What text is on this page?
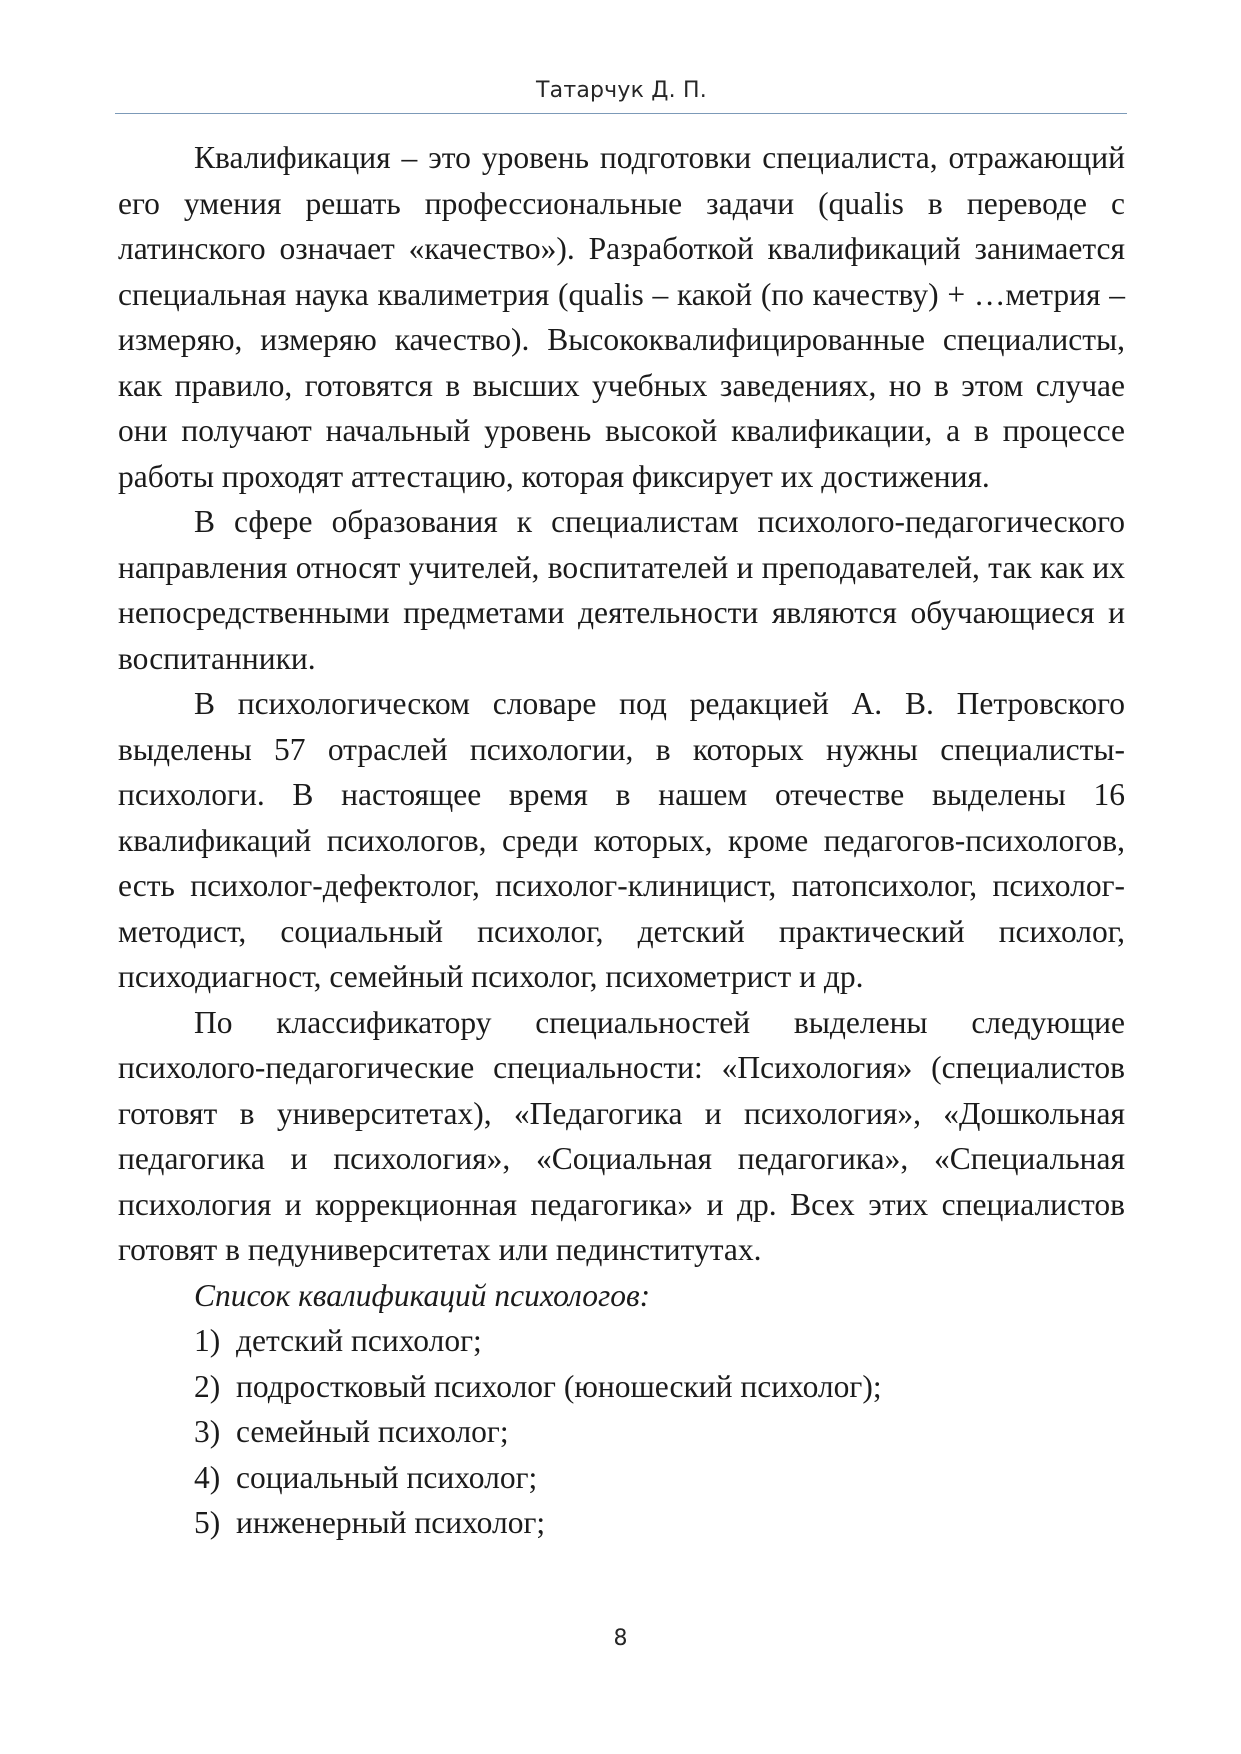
Татарчук Д. П.

Квалификация – это уровень подготовки специалиста, отражающий его умения решать профессиональные задачи (qualis в переводе с латинского означает «качество»). Разработкой квалификаций занимается специальная наука квалиметрия (qualis – какой (по качеству) + …метрия – измеряю, измеряю качество). Высококвалифицированные специалисты, как правило, готовятся в высших учебных заведениях, но в этом случае они получают начальный уровень высокой квалификации, а в процессе работы проходят аттестацию, которая фиксирует их достижения.

В сфере образования к специалистам психолого-педагогического направления относят учителей, воспитателей и преподавателей, так как их непосредственными предметами деятельности являются обучающиеся и воспитанники.

В психологическом словаре под редакцией А. В. Петровского выделены 57 отраслей психологии, в которых нужны специалисты-психологи. В настоящее время в нашем отечестве выделены 16 квалификаций психологов, среди которых, кроме педагогов-психологов, есть психолог-дефектолог, психолог-клиницист, патопсихолог, психолог-методист, социальный психолог, детский практический психолог, психодиагност, семейный психолог, психометрист и др.

По классификатору специальностей выделены следующие психолого-педагогические специальности: «Психология» (специалистов готовят в университетах), «Педагогика и психология», «Дошкольная педагогика и психология», «Социальная педагогика», «Специальная психология и коррекционная педагогика» и др. Всех этих специалистов готовят в педуниверситетах или пединститутах.

Список квалификаций психологов:

1) детский психолог;
2) подростковый психолог (юношеский психолог);
3) семейный психолог;
4) социальный психолог;
5) инженерный психолог;
8
